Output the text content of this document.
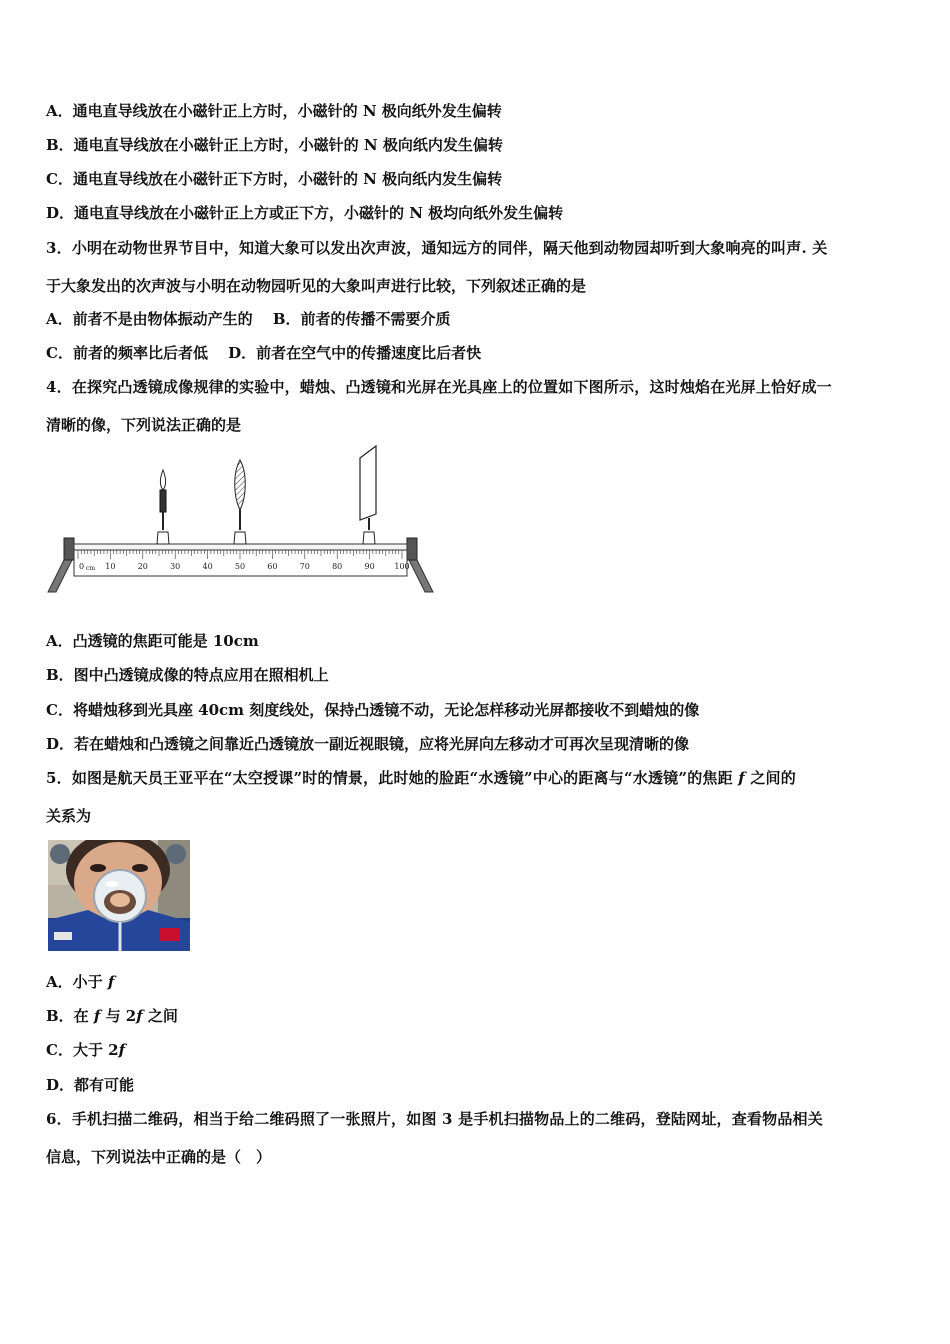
A．通电直导线放在小磁针正上方时，小磁针的 N 极向纸外发生偏转
B．通电直导线放在小磁针正上方时，小磁针的 N 极向纸内发生偏转
C．通电直导线放在小磁针正下方时，小磁针的 N 极向纸内发生偏转
D．通电直导线放在小磁针正上方或正下方，小磁针的 N 极均向纸外发生偏转
3．小明在动物世界节目中，知道大象可以发出次声波，通知远方的同伴，隔天他到动物园却听到大象响亮的叫声. 关
于大象发出的次声波与小明在动物园听见的大象叫声进行比较，下列叙述正确的是
A．前者不是由物体振动产生的　 B．前者的传播不需要介质
C．前者的频率比后者低　 D．前者在空气中的传播速度比后者快
4．在探究凸透镜成像规律的实验中，蜡烛、凸透镜和光屏在光具座上的位置如下图所示，这时烛焰在光屏上恰好成一
清晰的像，下列说法正确的是
0	10	20	30	40	50	60	70	80	90 100
cm
A．凸透镜的焦距可能是 10cm
B．图中凸透镜成像的特点应用在照相机上
C．将蜡烛移到光具座 40cm 刻度线处，保持凸透镜不动，无论怎样移动光屏都接收不到蜡烛的像
D．若在蜡烛和凸透镜之间靠近凸透镜放一副近视眼镜，应将光屏向左移动才可再次呈现清晰的像
5．如图是航天员王亚平在“太空授课”时的情景，此时她的脸距“水透镜”中心的距离与“水透镜”的焦距 f 之间的
关系为
A．小于 f
B．在 f 与 2f 之间
C．大于 2f
D．都有可能
6．手机扫描二维码，相当于给二维码照了一张照片，如图 3 是手机扫描物品上的二维码，登陆网址，查看物品相关
信息，下列说法中正确的是（　）
